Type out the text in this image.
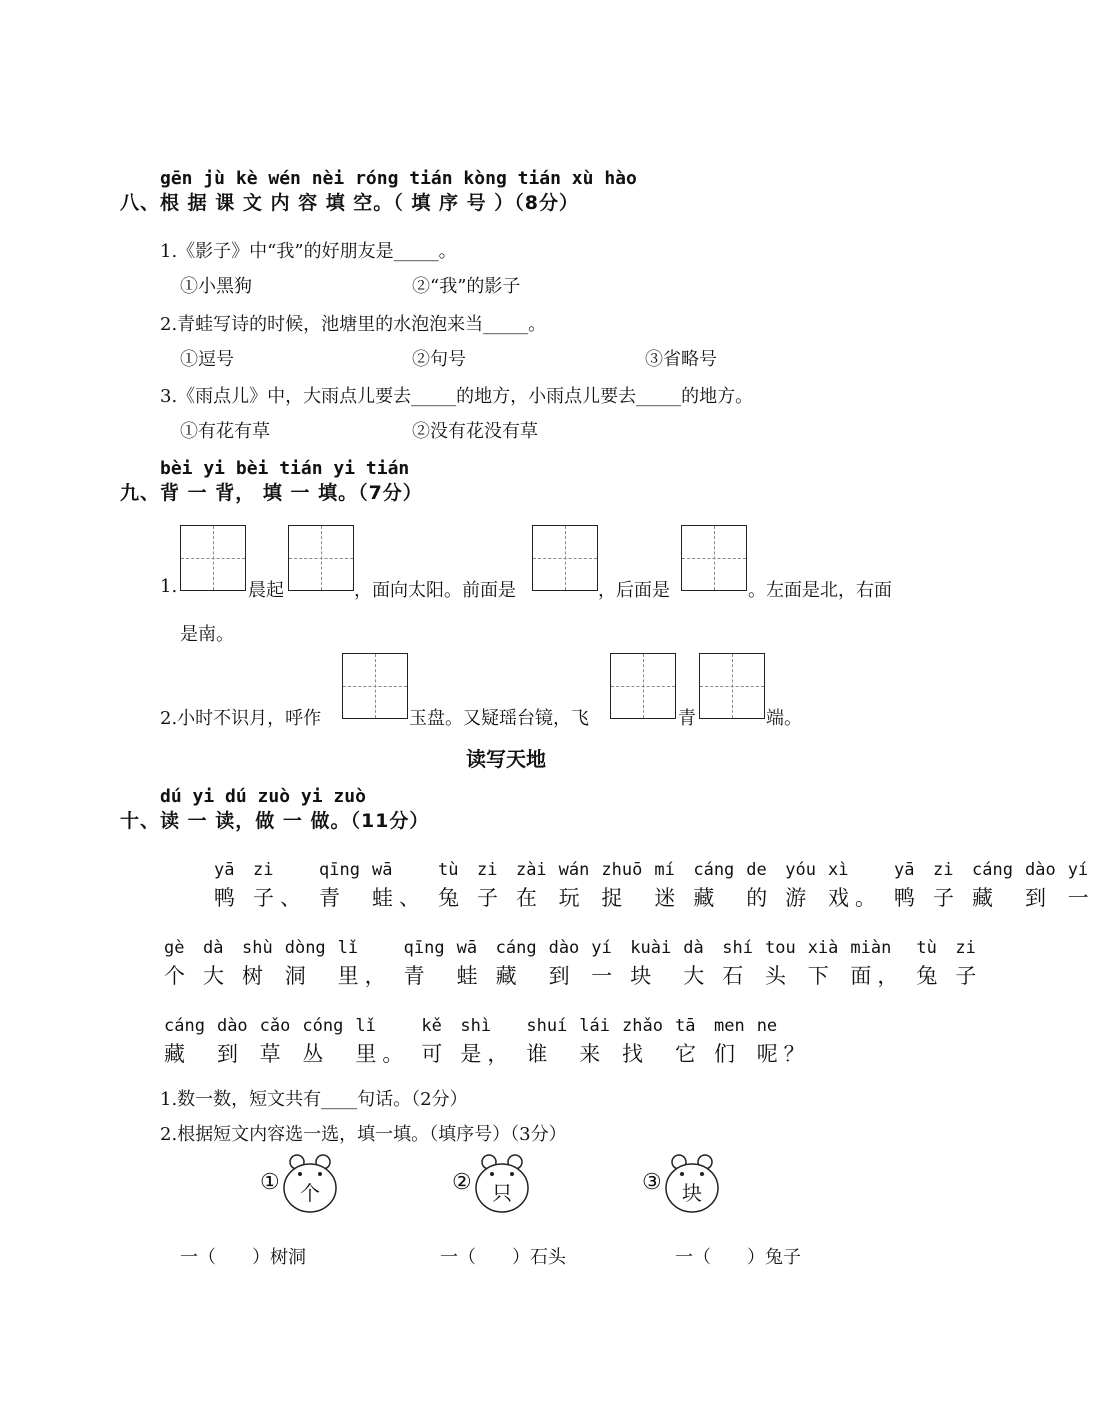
gēn jù kè wén nèi róng tián kòng tián xù hào
八、根 据 课 文 内 容 填 空。（ 填 序 号 ）（8分）
1.《影子》中“我”的好朋友是_____。
①小黑狗	②“我”的影子
2.青蛙写诗的时候，池塘里的水泡泡来当_____。
①逗号	②句号	③省略号
3.《雨点儿》中，大雨点儿要去_____的地方，小雨点儿要去_____的地方。
①有花有草	②没有花没有草
bèi yi bèi tián yi tián
九、背 一 背， 填 一 填。（7分）
1.	晨起	，面向太阳。前面是	，后面是	。左面是北，右面
是南。
2.小时不识月，呼作	玉盘。又疑瑶台镜，飞	青	端。
读写天地
dú yi dú zuò yi zuò
十、读 一 读，做 一 做。（11分）
yā
鸭
zi
子、
qīng
青
wā
蛙、
tù
兔
zi
子
zài
在
wán
玩
zhuō
捉
mí
迷
cáng
藏
de
的
yóu
游
xì
戏。
yā
鸭
zi
子
cáng
藏
dào
到
yí
一
gè
个
dà
大
shù
树
dòng
洞
lǐ
里，
qīng
青
wā
蛙
cáng
藏
dào
到
yí
一
kuài
块
dà
大
shí
石
tou
头
xià
下
miàn
面，
tù
兔
zi
子
cáng
藏
dào
到
cǎo
草
cóng
丛
lǐ
里。
kě
可
shì
是，
shuí
谁
lái
来
zhǎo
找
tā
它
men
们
ne
呢？
1.数一数，短文共有____句话。（2分）
2.根据短文内容选一选，填一填。（填序号）（3分）
① 个	② 只	③ 块
一（　　）树洞	一（　　）石头	一（　　）兔子
